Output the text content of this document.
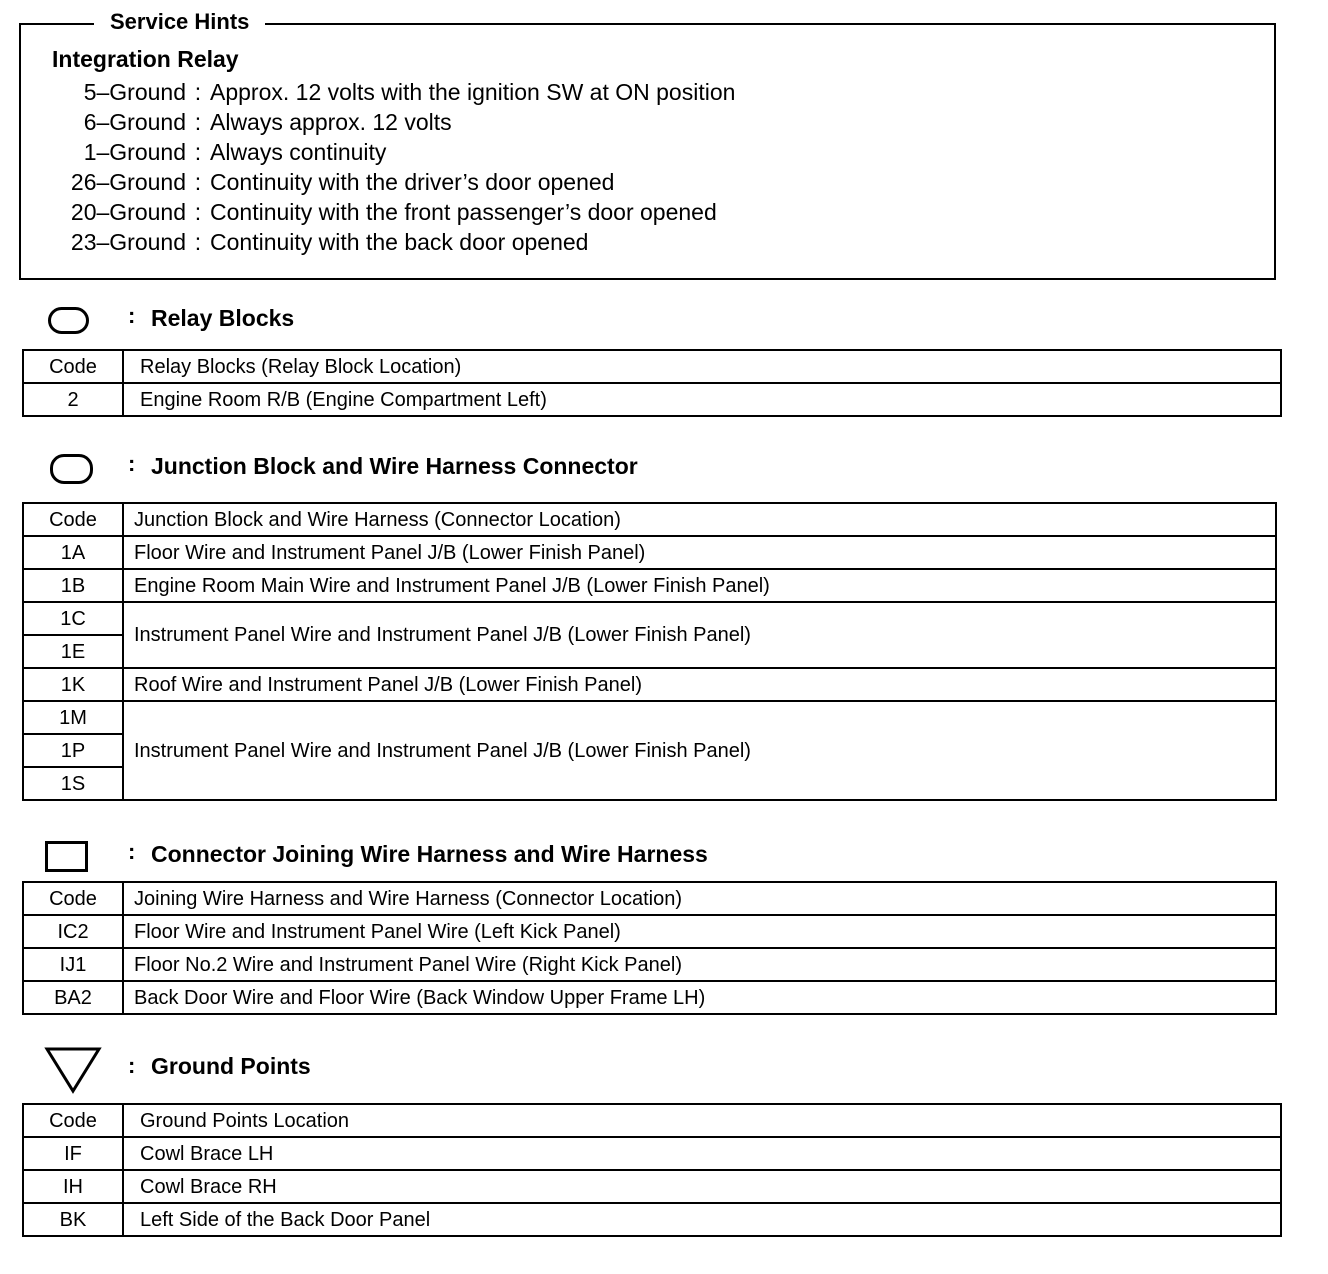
Service Hints
Integration Relay
5–Ground : Approx. 12 volts with the ignition SW at ON position
6–Ground : Always approx. 12 volts
1–Ground : Always continuity
26–Ground : Continuity with the driver’s door opened
20–Ground : Continuity with the front passenger’s door opened
23–Ground : Continuity with the back door opened
: Relay Blocks
Code	Relay Blocks (Relay Block Location)
2	Engine Room R/B (Engine Compartment Left)
: Junction Block and Wire Harness Connector
Code	Junction Block and Wire Harness (Connector Location)
1A	Floor Wire and Instrument Panel J/B (Lower Finish Panel)
1B	Engine Room Main Wire and Instrument Panel J/B (Lower Finish Panel)
1C	Instrument Panel Wire and Instrument Panel J/B (Lower Finish Panel)
1E	
1K	Roof Wire and Instrument Panel J/B (Lower Finish Panel)
1M	Instrument Panel Wire and Instrument Panel J/B (Lower Finish Panel)
1P	
1S	
: Connector Joining Wire Harness and Wire Harness
Code	Joining Wire Harness and Wire Harness (Connector Location)
IC2	Floor Wire and Instrument Panel Wire (Left Kick Panel)
IJ1	Floor No.2 Wire and Instrument Panel Wire (Right Kick Panel)
BA2	Back Door Wire and Floor Wire (Back Window Upper Frame LH)
: Ground Points
Code	Ground Points Location
IF	Cowl Brace LH
IH	Cowl Brace RH
BK	Left Side of the Back Door Panel
